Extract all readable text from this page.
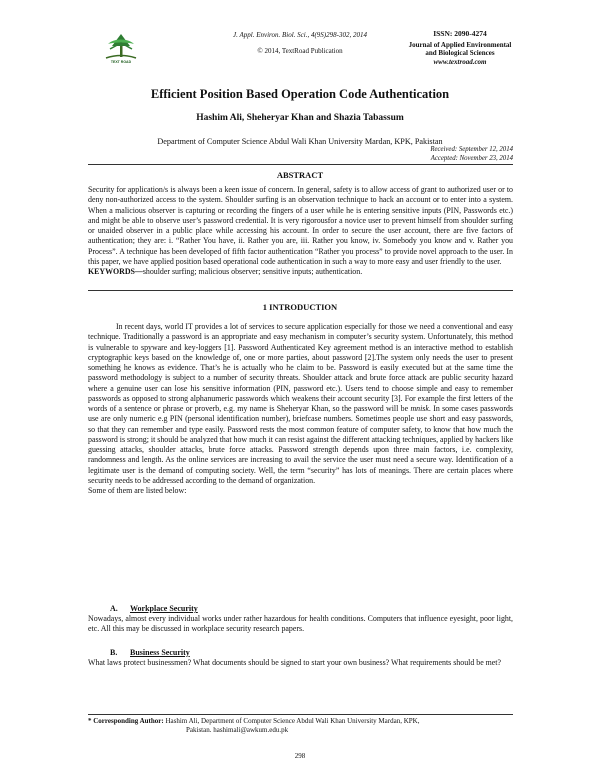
TEXT ROAD
J. Appl. Environ. Biol. Sci., 4(9S)298-302, 2014
© 2014, TextRoad Publication
ISSN: 2090-4274
Journal of Applied Environmental
and Biological Sciences
www.textroad.com
Efficient Position Based Operation Code Authentication
Hashim Ali, Sheheryar Khan and Shazia Tabassum
Department of Computer Science Abdul Wali Khan University Mardan, KPK, Pakistan
Received: September 12, 2014
Accepted: November 23, 2014
ABSTRACT

Security for application/s is always been a keen issue of concern. In general, safety is to allow access of grant to authorized user or to deny non-authorized access to the system. Shoulder surfing is an observation technique to hack an account or to enter into a system. When a malicious observer is capturing or recording the fingers of a user while he is entering sensitive inputs (PIN, Passwords etc.) and might be able to observe user’s password credential. It is very rigorousfor a novice user to prevent himself from shoulder surfing or unaided observer in a public place while accessing his account. In order to secure the user account, there are five factors of authentication; they are: i. “Rather You have, ii. Rather you are, iii. Rather you know, iv. Somebody you know and v. Rather you Process”. A technique has been developed of fifth factor authentication “Rather you process” to provide novel approach to the user. In this paper, we have applied position based operational code authentication in such a way to more easy and user friendly to the user.

KEYWORDS—shoulder surfing; malicious observer; sensitive inputs; authentication.

1 INTRODUCTION

In recent days, world IT provides a lot of services to secure application especially for those we need a conventional and easy technique. Traditionally a password is an appropriate and easy mechanism in computer’s security system. Unfortunately, this method is vulnerable to spyware and key-loggers [1]. Password Authenticated Key agreement method is an interactive method to establish cryptographic keys based on the knowledge of, one or more parties, about password [2].The system only needs the user to present something he knows as evidence. That’s he is actually who he claim to be. Password is easily executed but at the same time the password methodology is subject to a number of security threats. Shoulder attack and brute force attack are public security hazard where a genuine user can lose his sensitive information (PIN, password etc.). Users tend to choose simple and easy to remember passwords as opposed to strong alphanumeric passwords which weakens their account security [3]. For example the first letters of the words of a sentence or phrase or proverb, e.g. my name is Sheheryar Khan, so the password will be mnisk. In some cases passwords use are only numeric e.g PIN (personal identification number), briefcase numbers. Sometimes people use short and easy passwords, so that they can remember and type easily. Password rests the most common feature of computer safety, to know that how much the password is strong; it should be analyzed that how much it can resist against the different attacking techniques, applied by hackers like guessing attacks, shoulder attacks, brute force attacks. Password strength depends upon three main factors, i.e. complexity, randomness and length. As the online services are increasing to avail the service the user must need a secure way. Identification of a legitimate user is the demand of computing society. Well, the term “security” has lots of meanings. There are certain places where security needs to be addressed according to the demand of organization.

Some of them are listed below:

A. Workplace Security

Nowadays, almost every individual works under rather hazardous for health conditions. Computers that influence eyesight, poor light, etc. All this may be discussed in workplace security research papers.

B. Business Security

What laws protect businessmen? What documents should be signed to start your own business? What requirements should be met?

* Corresponding Author: Hashim Ali, Department of Computer Science Abdul Wali Khan University Mardan, KPK,
Pakistan. hashimali@awkum.edu.pk
298
